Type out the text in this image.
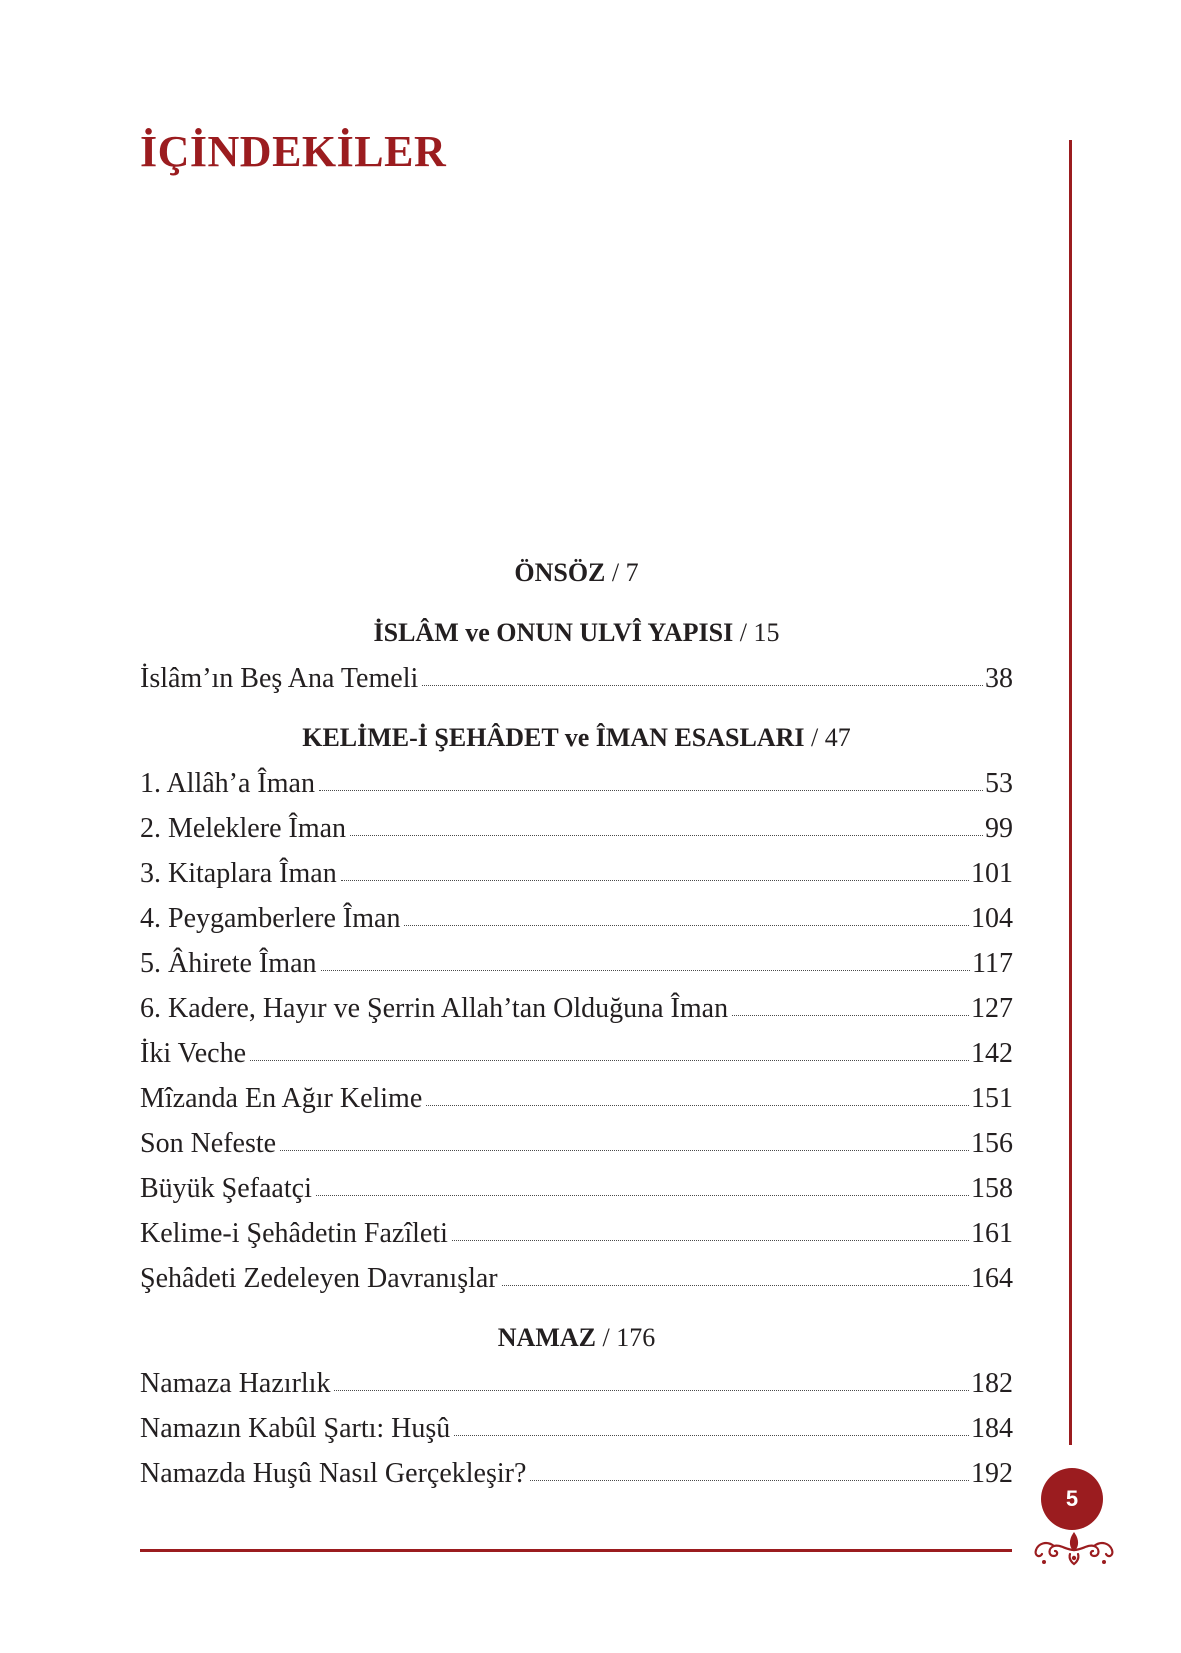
İÇİNDEKİLER
ÖNSÖZ / 7
İSLÂM ve ONUN ULVÎ YAPISI / 15
İslâm’ın Beş Ana Temeli	38
KELİME-İ ŞEHÂDET ve ÎMAN ESASLARI / 47
1. Allâh’a Îman	53
2. Meleklere Îman	99
3. Kitaplara Îman	101
4. Peygamberlere Îman	104
5. Âhirete Îman	117
6. Kadere, Hayır ve Şerrin Allah’tan Olduğuna Îman	127
İki Veche	142
Mîzanda En Ağır Kelime	151
Son Nefeste	156
Büyük Şefaatçi	158
Kelime-i Şehâdetin Fazîleti	161
Şehâdeti Zedeleyen Davranışlar	164
NAMAZ / 176
Namaza Hazırlık	182
Namazın Kabûl Şartı: Huşû	184
Namazda Huşû Nasıl Gerçekleşir?	192
5
